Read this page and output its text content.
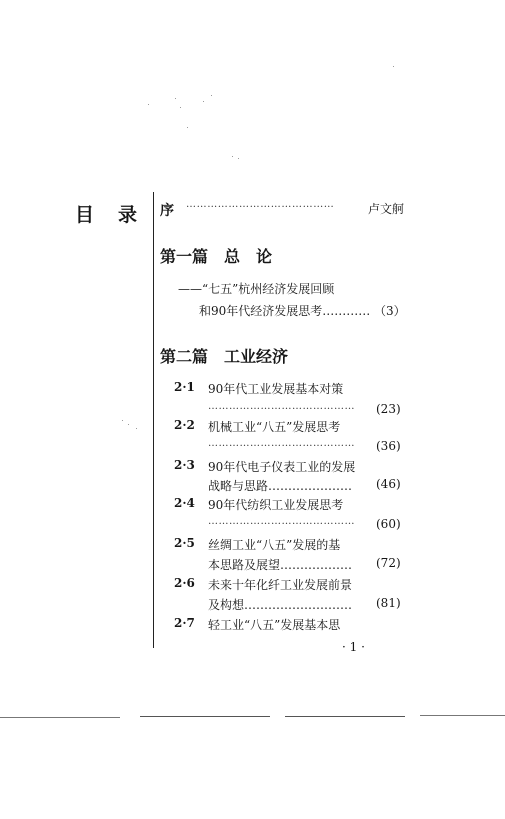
目 录 序 ……………………………………	卢文舸
第一篇　总　论
——“七五”杭州经济发展回顾
和90年代经济发展思考………… （3）
第二篇　工业经济
2·1 90年代工业发展基本对策
…………………………………… (23)
2·2 机械工业“八五”发展思考
…………………………………… (36)
2·3 90年代电子仪表工业的发展
战略与思路………………… (46)
2·4 90年代纺织工业发展思考
…………………………………… (60)
2·5 丝绸工业“八五”发展的基
本思路及展望……………… (72)
2·6 未来十年化纤工业发展前景
及构想……………………… (81)
2·7 轻工业“八五”发展基本思
· 1 ·
